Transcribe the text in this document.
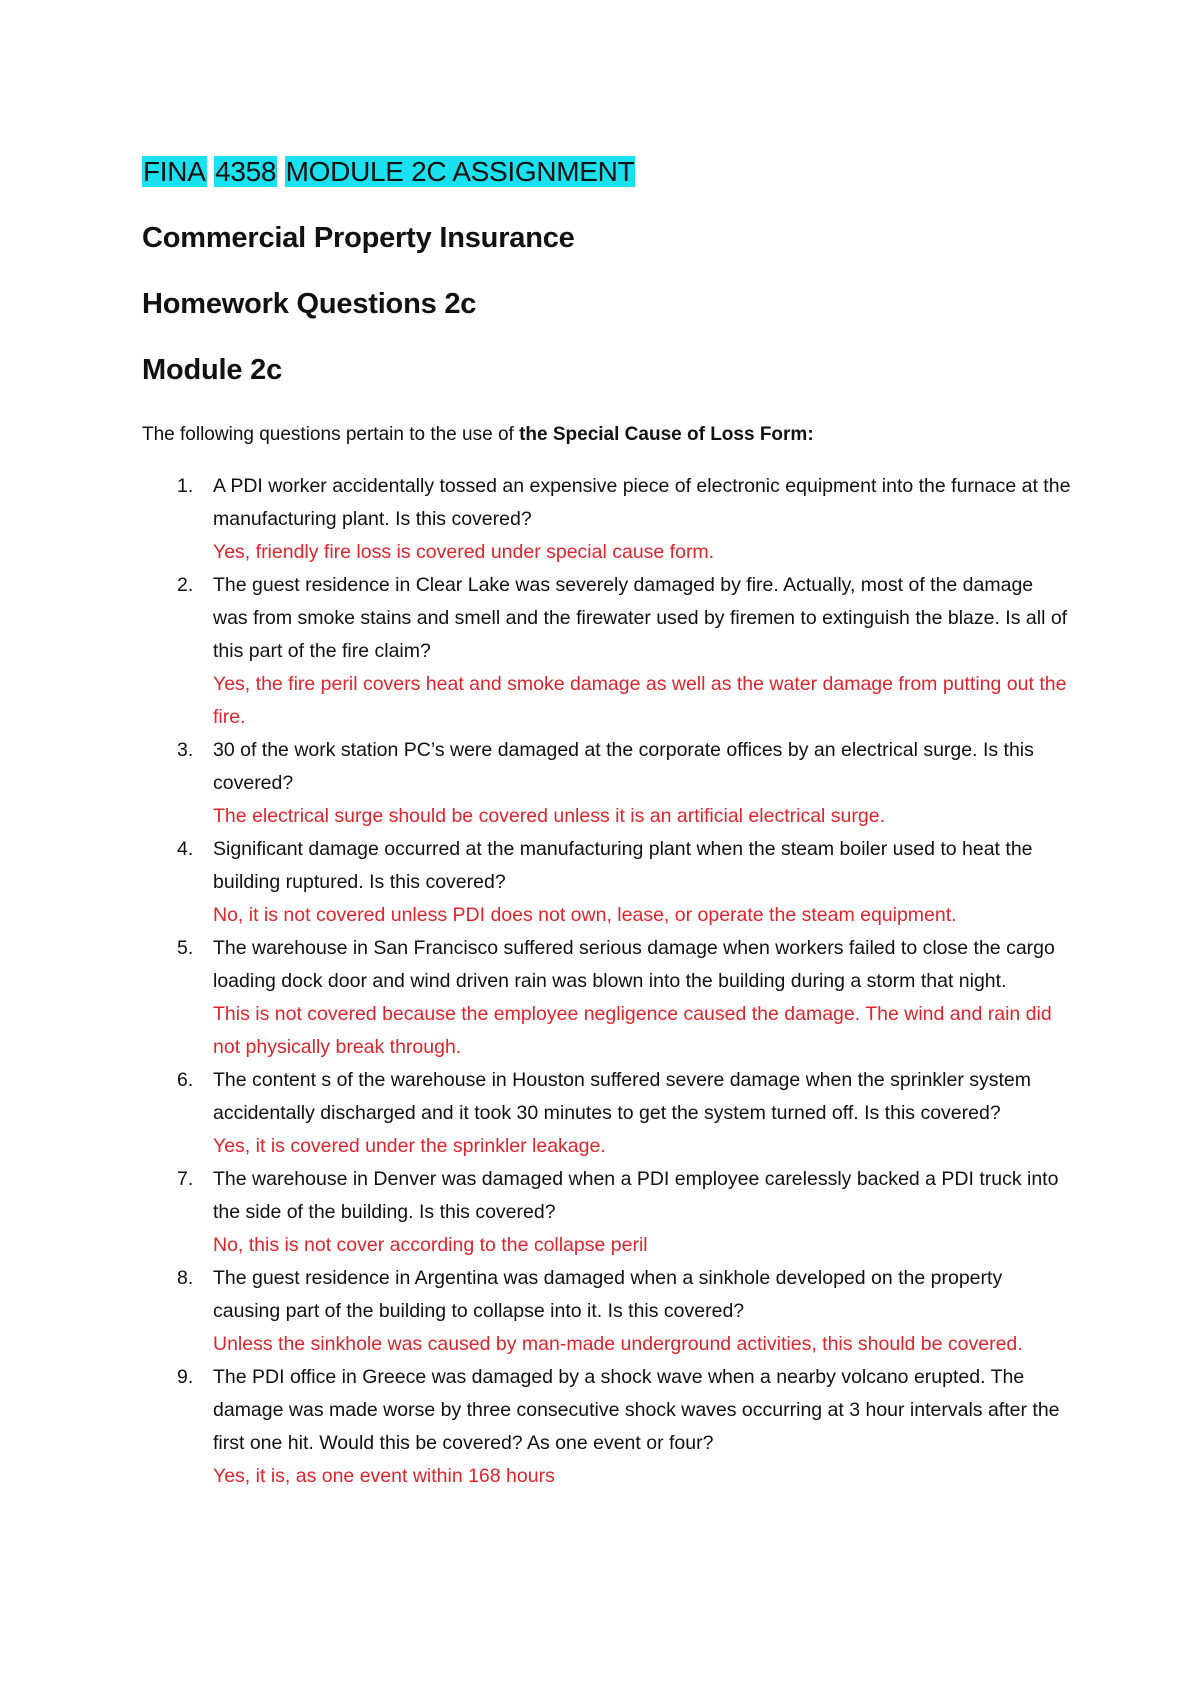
FINA 4358 MODULE 2C ASSIGNMENT
Commercial Property Insurance
Homework Questions 2c
Module 2c

The following questions pertain to the use of the Special Cause of Loss Form:

1. A PDI worker accidentally tossed an expensive piece of electronic equipment into the furnace at the manufacturing plant. Is this covered?
Yes, friendly fire loss is covered under special cause form.
2. The guest residence in Clear Lake was severely damaged by fire. Actually, most of the damage was from smoke stains and smell and the firewater used by firemen to extinguish the blaze. Is all of this part of the fire claim?
Yes, the fire peril covers heat and smoke damage as well as the water damage from putting out the fire.
3. 30 of the work station PC’s were damaged at the corporate offices by an electrical surge. Is this covered?
The electrical surge should be covered unless it is an artificial electrical surge.
4. Significant damage occurred at the manufacturing plant when the steam boiler used to heat the building ruptured. Is this covered?
No, it is not covered unless PDI does not own, lease, or operate the steam equipment.
5. The warehouse in San Francisco suffered serious damage when workers failed to close the cargo loading dock door and wind driven rain was blown into the building during a storm that night.
This is not covered because the employee negligence caused the damage. The wind and rain did not physically break through.
6. The content s of the warehouse in Houston suffered severe damage when the sprinkler system accidentally discharged and it took 30 minutes to get the system turned off. Is this covered?
Yes, it is covered under the sprinkler leakage.
7. The warehouse in Denver was damaged when a PDI employee carelessly backed a PDI truck into the side of the building. Is this covered?
No, this is not cover according to the collapse peril
8. The guest residence in Argentina was damaged when a sinkhole developed on the property causing part of the building to collapse into it. Is this covered?
Unless the sinkhole was caused by man-made underground activities, this should be covered.
9. The PDI office in Greece was damaged by a shock wave when a nearby volcano erupted. The damage was made worse by three consecutive shock waves occurring at 3 hour intervals after the first one hit. Would this be covered? As one event or four?
Yes, it is, as one event within 168 hours
